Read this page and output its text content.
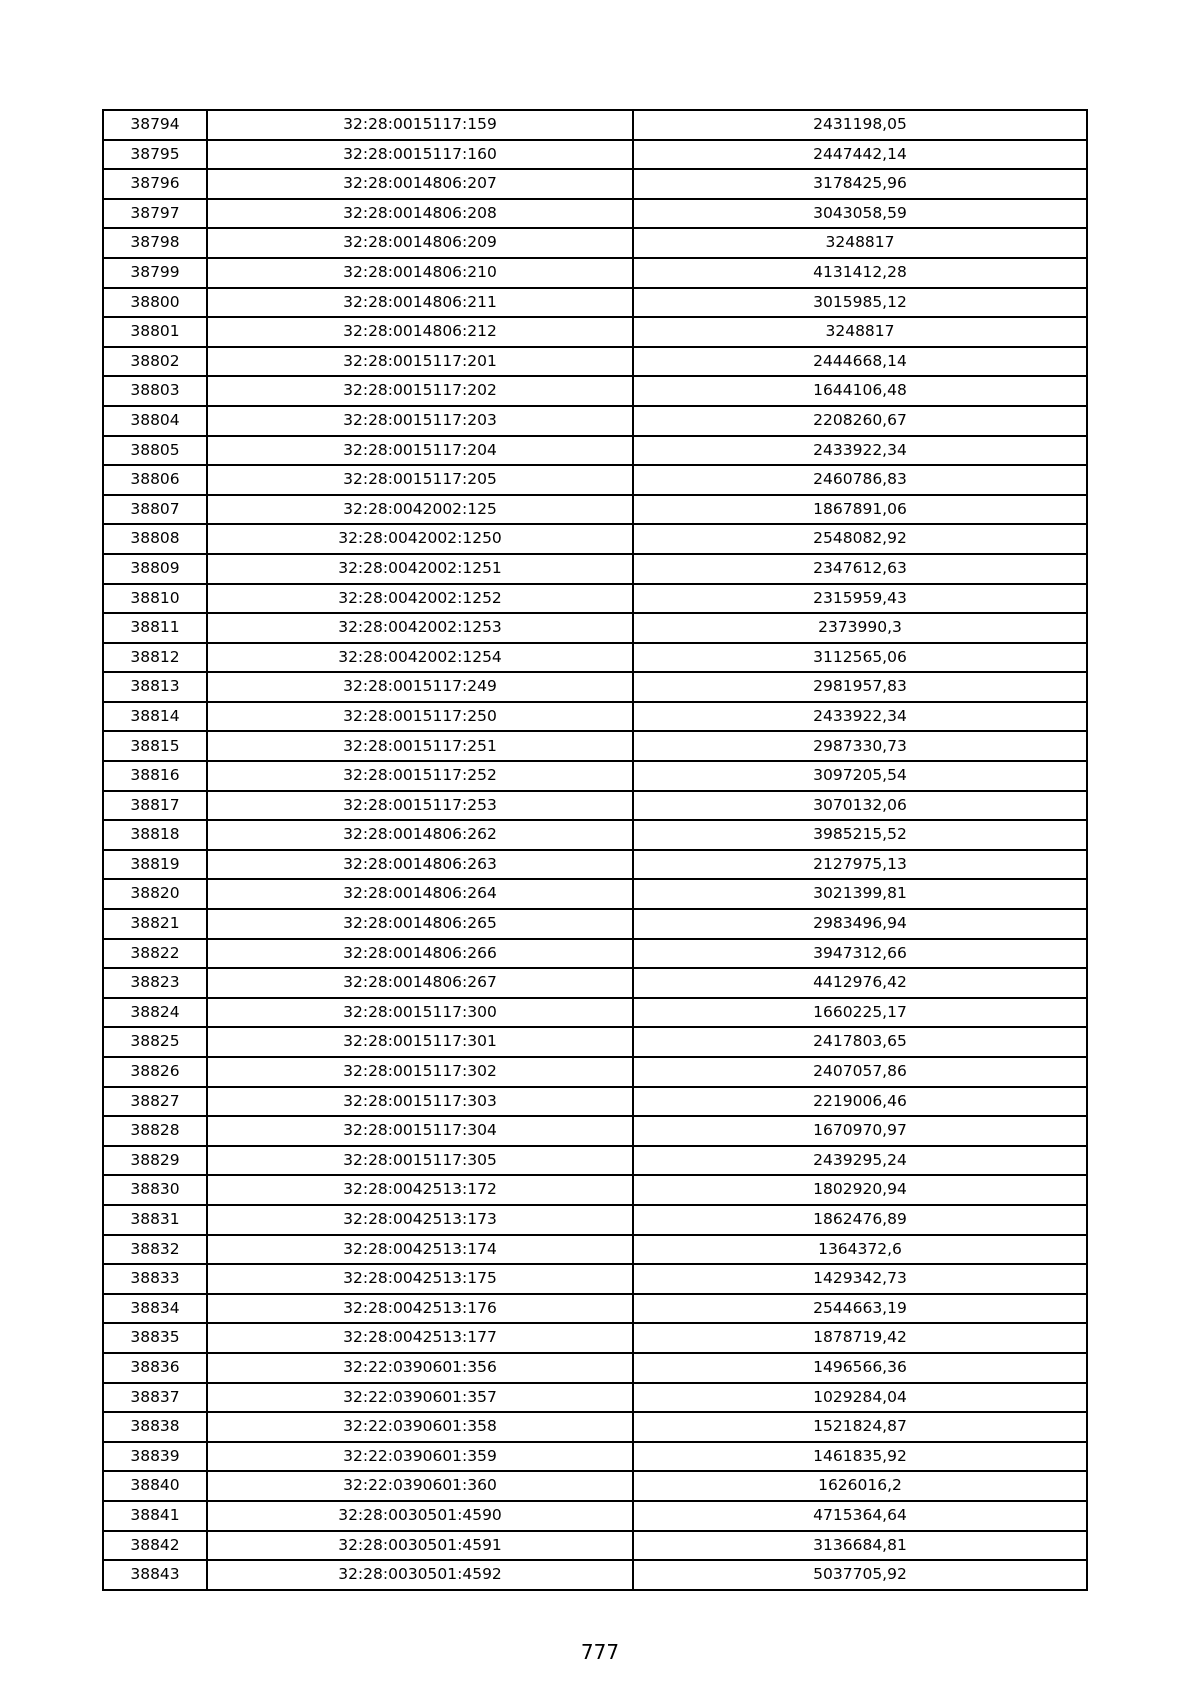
38794	32:28:0015117:159	2431198,05
38795	32:28:0015117:160	2447442,14
38796	32:28:0014806:207	3178425,96
38797	32:28:0014806:208	3043058,59
38798	32:28:0014806:209	3248817
38799	32:28:0014806:210	4131412,28
38800	32:28:0014806:211	3015985,12
38801	32:28:0014806:212	3248817
38802	32:28:0015117:201	2444668,14
38803	32:28:0015117:202	1644106,48
38804	32:28:0015117:203	2208260,67
38805	32:28:0015117:204	2433922,34
38806	32:28:0015117:205	2460786,83
38807	32:28:0042002:125	1867891,06
38808	32:28:0042002:1250	2548082,92
38809	32:28:0042002:1251	2347612,63
38810	32:28:0042002:1252	2315959,43
38811	32:28:0042002:1253	2373990,3
38812	32:28:0042002:1254	3112565,06
38813	32:28:0015117:249	2981957,83
38814	32:28:0015117:250	2433922,34
38815	32:28:0015117:251	2987330,73
38816	32:28:0015117:252	3097205,54
38817	32:28:0015117:253	3070132,06
38818	32:28:0014806:262	3985215,52
38819	32:28:0014806:263	2127975,13
38820	32:28:0014806:264	3021399,81
38821	32:28:0014806:265	2983496,94
38822	32:28:0014806:266	3947312,66
38823	32:28:0014806:267	4412976,42
38824	32:28:0015117:300	1660225,17
38825	32:28:0015117:301	2417803,65
38826	32:28:0015117:302	2407057,86
38827	32:28:0015117:303	2219006,46
38828	32:28:0015117:304	1670970,97
38829	32:28:0015117:305	2439295,24
38830	32:28:0042513:172	1802920,94
38831	32:28:0042513:173	1862476,89
38832	32:28:0042513:174	1364372,6
38833	32:28:0042513:175	1429342,73
38834	32:28:0042513:176	2544663,19
38835	32:28:0042513:177	1878719,42
38836	32:22:0390601:356	1496566,36
38837	32:22:0390601:357	1029284,04
38838	32:22:0390601:358	1521824,87
38839	32:22:0390601:359	1461835,92
38840	32:22:0390601:360	1626016,2
38841	32:28:0030501:4590	4715364,64
38842	32:28:0030501:4591	3136684,81
38843	32:28:0030501:4592	5037705,92
777
